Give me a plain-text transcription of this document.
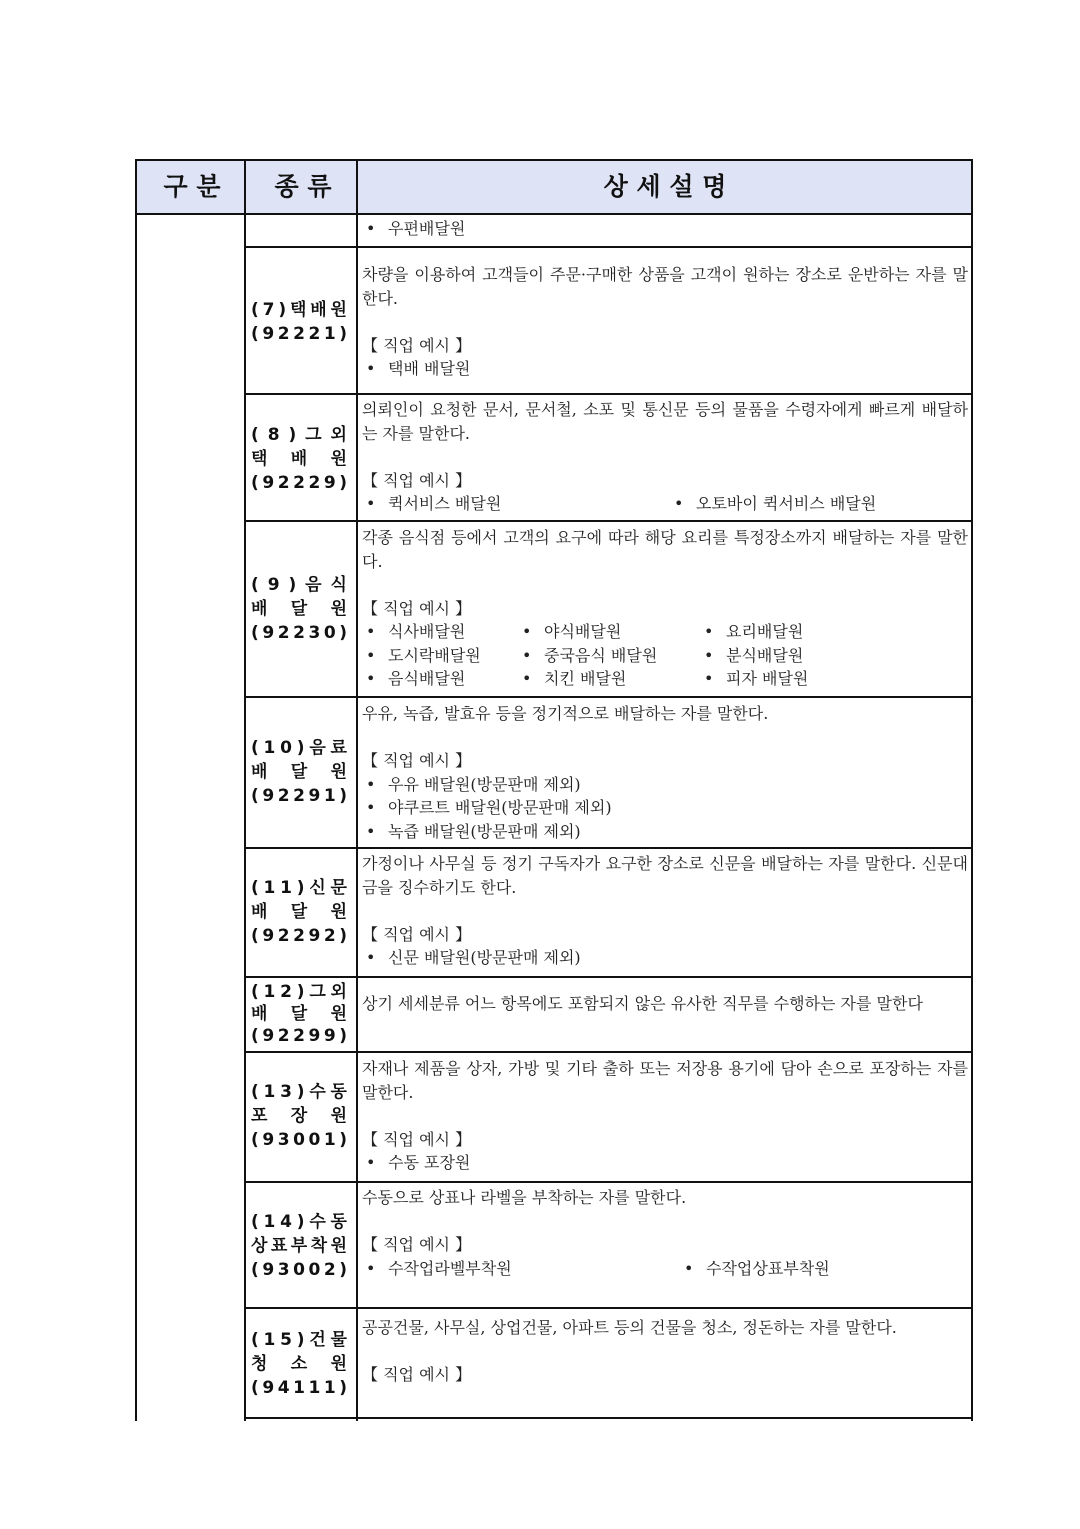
구 분	종 류	상 세 설 명
• 우편배달원
( 7 ) 택 배 원
( 9 2 2 2 1 )

차량을 이용하여 고객들이 주문·구매한 상품을 고객이 원하는 장소로 운반하는 자를 말한다.

【 직업 예시 】
• 택배 배달원
( 8 ) 그 외
택 배 원
( 9 2 2 2 9 )

의뢰인이 요청한 문서, 문서철, 소포 및 통신문 등의 물품을 수령자에게 빠르게 배달하는 자를 말한다.

【 직업 예시 】
• 퀵서비스 배달원	• 오토바이 퀵서비스 배달원
( 9 ) 음 식
배 달 원
( 9 2 2 3 0 )

각종 음식점 등에서 고객의 요구에 따라 해당 요리를 특정장소까지 배달하는 자를 말한다.

【 직업 예시 】
• 식사배달원	• 야식배달원	• 요리배달원
• 도시락배달원	• 중국음식 배달원	• 분식배달원
• 음식배달원	• 치킨 배달원	• 피자 배달원
( 1 0 ) 음 료
배 달 원
( 9 2 2 9 1 )

우유, 녹즙, 발효유 등을 정기적으로 배달하는 자를 말한다.

【 직업 예시 】
• 우유 배달원(방문판매 제외)
• 야쿠르트 배달원(방문판매 제외)
• 녹즙 배달원(방문판매 제외)
( 1 1 ) 신 문
배 달 원
( 9 2 2 9 2 )

가정이나 사무실 등 정기 구독자가 요구한 장소로 신문을 배달하는 자를 말한다. 신문대금을 징수하기도 한다.

【 직업 예시 】
• 신문 배달원(방문판매 제외)
( 1 2 ) 그 외
배 달 원
( 9 2 2 9 9 )

상기 세세분류 어느 항목에도 포함되지 않은 유사한 직무를 수행하는 자를 말한다

( 1 3 ) 수 동
포 장 원
( 9 3 0 0 1 )

자재나 제품을 상자, 가방 및 기타 출하 또는 저장용 용기에 담아 손으로 포장하는 자를 말한다.

【 직업 예시 】
• 수동 포장원
( 1 4 ) 수 동
상 표 부 착 원
( 9 3 0 0 2 )

수동으로 상표나 라벨을 부착하는 자를 말한다.

【 직업 예시 】
• 수작업라벨부착원	• 수작업상표부착원
( 1 5 ) 건 물
청 소 원
( 9 4 1 1 1 )

공공건물, 사무실, 상업건물, 아파트 등의 건물을 청소, 정돈하는 자를 말한다.

【 직업 예시 】
